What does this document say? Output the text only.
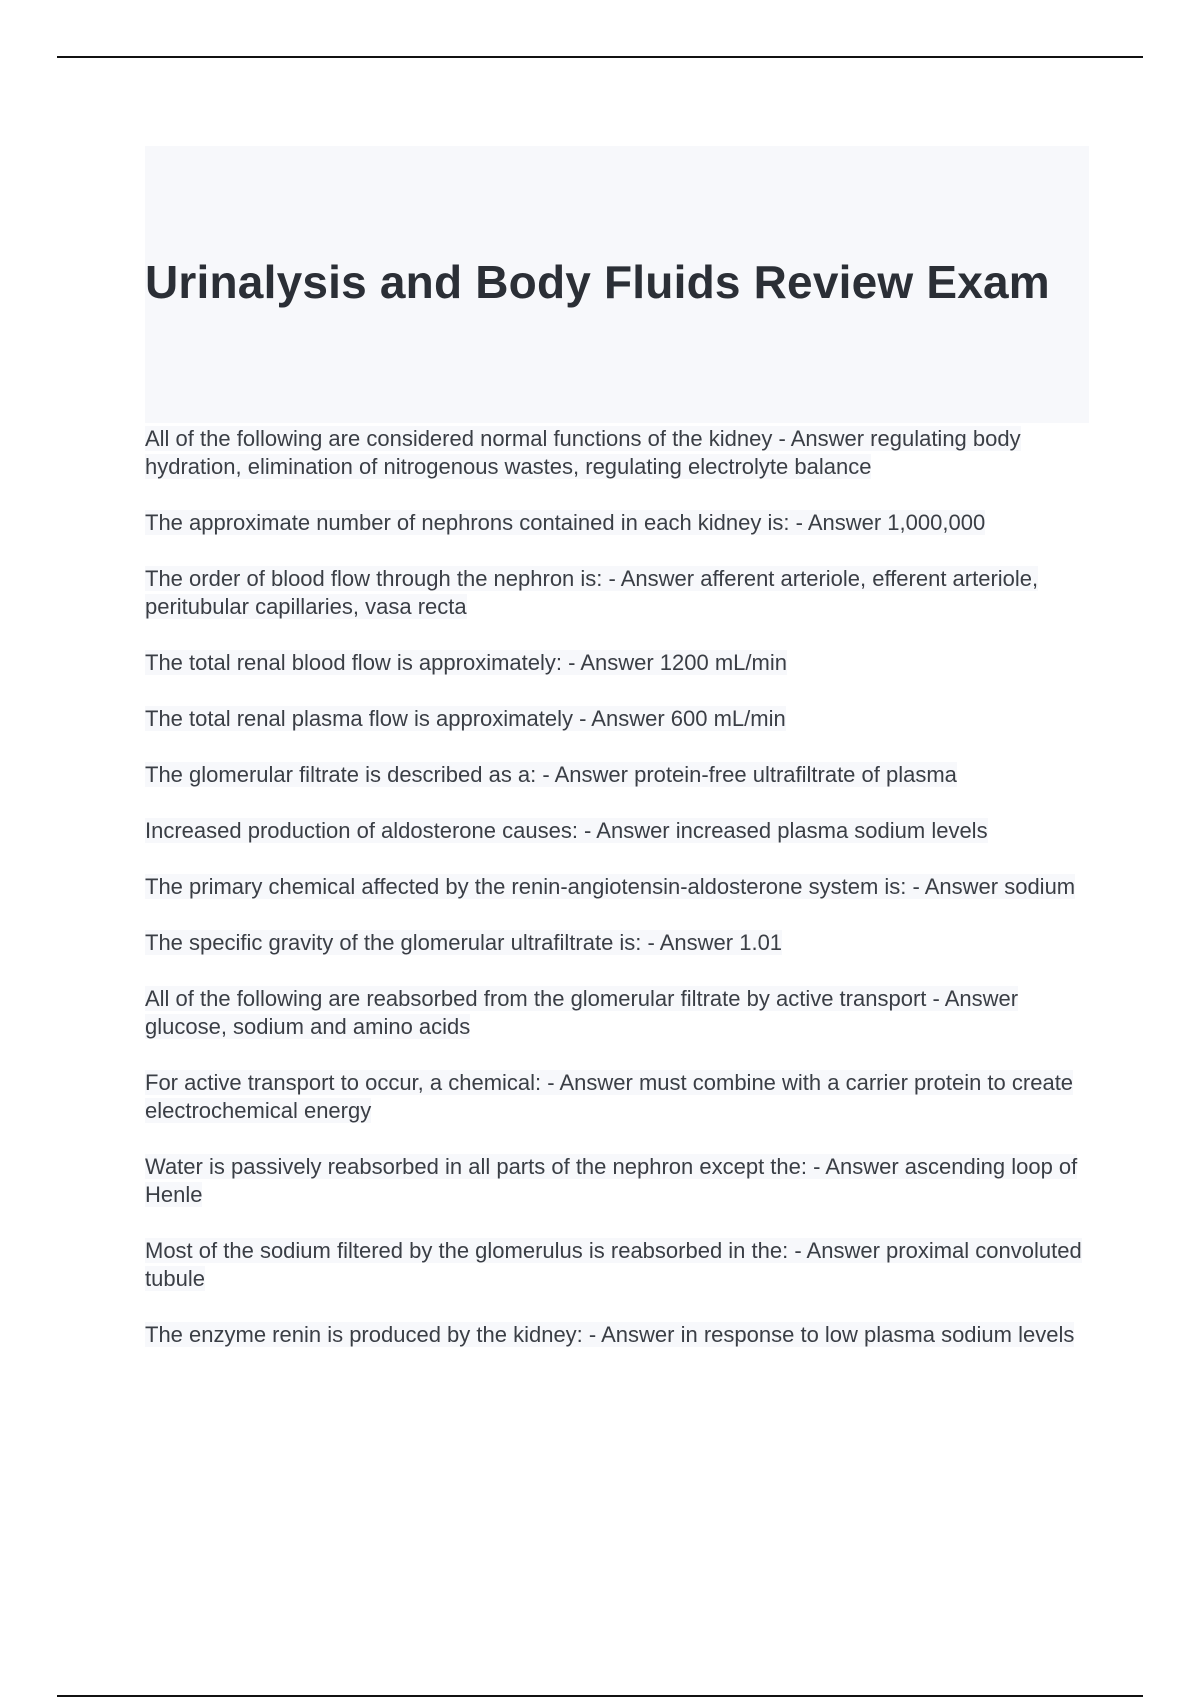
Urinalysis and Body Fluids Review Exam
All of the following are considered normal functions of the kidney - Answer regulating body hydration, elimination of nitrogenous wastes, regulating electrolyte balance
The approximate number of nephrons contained in each kidney is: - Answer 1,000,000
The order of blood flow through the nephron is: - Answer afferent arteriole, efferent arteriole, peritubular capillaries, vasa recta
The total renal blood flow is approximately: - Answer 1200 mL/min
The total renal plasma flow is approximately - Answer 600 mL/min
The glomerular filtrate is described as a: - Answer protein-free ultrafiltrate of plasma
Increased production of aldosterone causes: - Answer increased plasma sodium levels
The primary chemical affected by the renin-angiotensin-aldosterone system is: - Answer sodium
The specific gravity of the glomerular ultrafiltrate is: - Answer 1.01
All of the following are reabsorbed from the glomerular filtrate by active transport - Answer glucose, sodium and amino acids
For active transport to occur, a chemical: - Answer must combine with a carrier protein to create electrochemical energy
Water is passively reabsorbed in all parts of the nephron except the: - Answer ascending loop of Henle
Most of the sodium filtered by the glomerulus is reabsorbed in the: - Answer proximal convoluted tubule
The enzyme renin is produced by the kidney: - Answer in response to low plasma sodium levels
